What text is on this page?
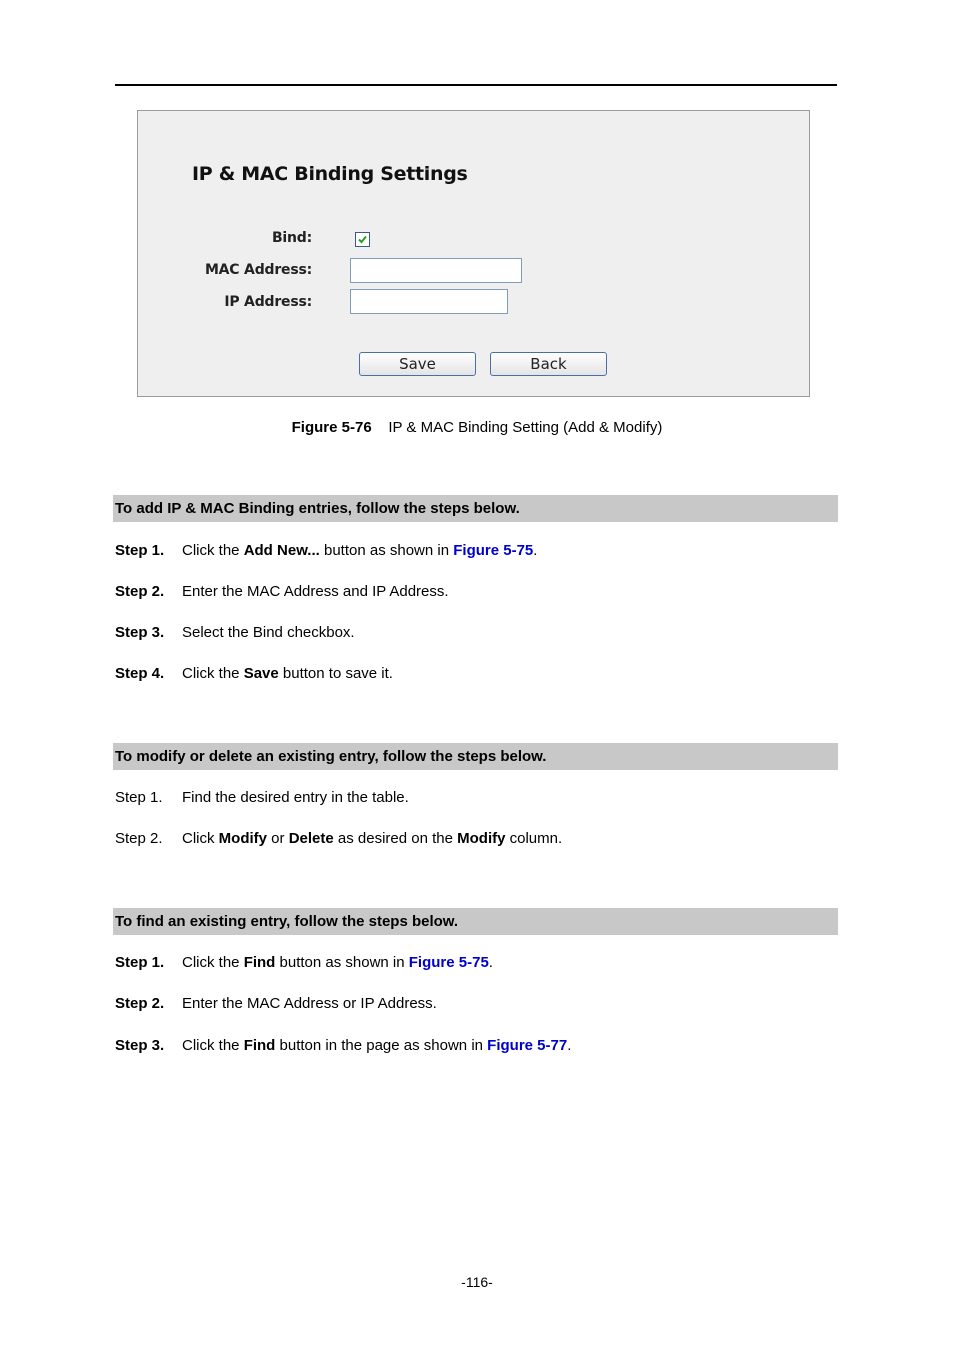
IP & MAC Binding Settings
Bind:
MAC Address:
IP Address:
Save	Back
Figure 5-76 IP & MAC Binding Setting (Add & Modify)
To add IP & MAC Binding entries, follow the steps below.
Step 1. Click the Add New... button as shown in Figure 5-75.
Step 2. Enter the MAC Address and IP Address.
Step 3. Select the Bind checkbox.
Step 4. Click the Save button to save it.
To modify or delete an existing entry, follow the steps below.
Step 1. Find the desired entry in the table.
Step 2. Click Modify or Delete as desired on the Modify column.
To find an existing entry, follow the steps below.
Step 1. Click the Find button as shown in Figure 5-75.
Step 2. Enter the MAC Address or IP Address.
Step 3. Click the Find button in the page as shown in Figure 5-77.
-116-
